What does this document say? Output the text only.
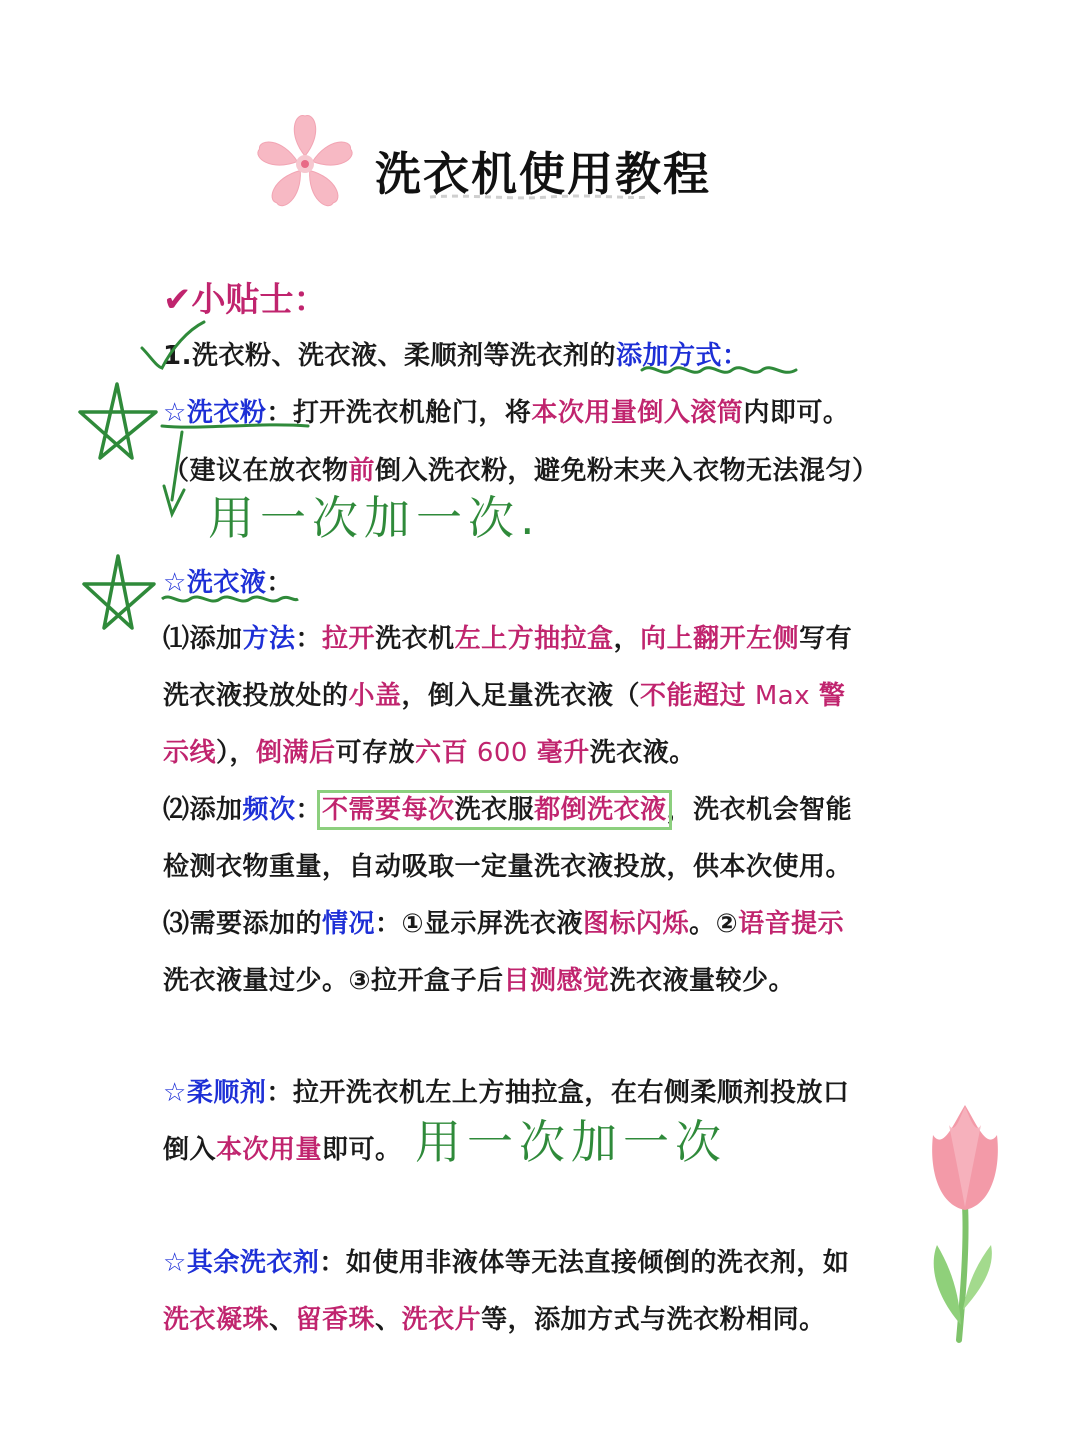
洗衣机使用教程
✔小贴士：
1.洗衣粉、洗衣液、柔顺剂等洗衣剂的添加方式：
☆洗衣粉：打开洗衣机舱门，将本次用量倒入滚筒内即可。
（建议在放衣物前倒入洗衣粉，避免粉末夹入衣物无法混匀）
用一次加一次.
☆洗衣液：
⑴添加方法：拉开洗衣机左上方抽拉盒，向上翻开左侧写有
洗衣液投放处的小盖，倒入足量洗衣液（不能超过 Max 警
示线），倒满后可存放六百 600 毫升洗衣液。
⑵添加频次：不需要每次洗衣服都倒洗衣液，洗衣机会智能
检测衣物重量，自动吸取一定量洗衣液投放，供本次使用。
⑶需要添加的情况：①显示屏洗衣液图标闪烁。②语音提示
洗衣液量过少。③拉开盒子后目测感觉洗衣液量较少。
☆柔顺剂：拉开洗衣机左上方抽拉盒，在右侧柔顺剂投放口
倒入本次用量即可。 用一次加一次
☆其余洗衣剂：如使用非液体等无法直接倾倒的洗衣剂，如
洗衣凝珠、留香珠、洗衣片等，添加方式与洗衣粉相同。
